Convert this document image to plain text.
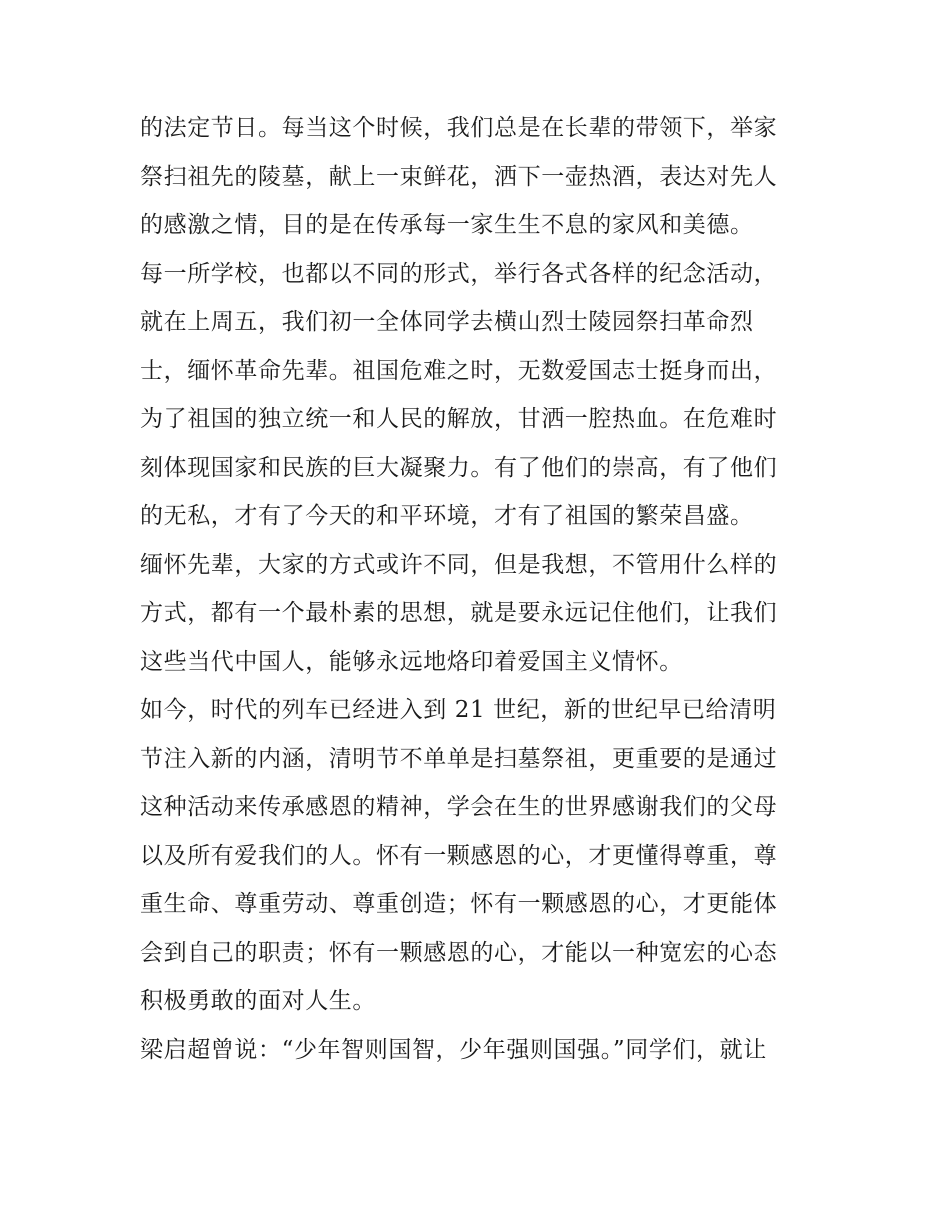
的法定节日。每当这个时候，我们总是在长辈的带领下，举家
祭扫祖先的陵墓，献上一束鲜花，洒下一壶热酒，表达对先人
的感激之情，目的是在传承每一家生生不息的家风和美德。
每一所学校，也都以不同的形式，举行各式各样的纪念活动，
就在上周五，我们初一全体同学去横山烈士陵园祭扫革命烈
士，缅怀革命先辈。祖国危难之时，无数爱国志士挺身而出，
为了祖国的独立统一和人民的解放，甘洒一腔热血。在危难时
刻体现国家和民族的巨大凝聚力。有了他们的崇高，有了他们
的无私，才有了今天的和平环境，才有了祖国的繁荣昌盛。
缅怀先辈，大家的方式或许不同，但是我想，不管用什么样的
方式，都有一个最朴素的思想，就是要永远记住他们，让我们
这些当代中国人，能够永远地烙印着爱国主义情怀。
如今，时代的列车已经进入到 21 世纪，新的世纪早已给清明
节注入新的内涵，清明节不单单是扫墓祭祖，更重要的是通过
这种活动来传承感恩的精神，学会在生的世界感谢我们的父母
以及所有爱我们的人。怀有一颗感恩的心，才更懂得尊重，尊
重生命、尊重劳动、尊重创造；怀有一颗感恩的心，才更能体
会到自己的职责；怀有一颗感恩的心，才能以一种宽宏的心态
积极勇敢的面对人生。
梁启超曾说：“少年智则国智，少年强则国强。”同学们，就让
